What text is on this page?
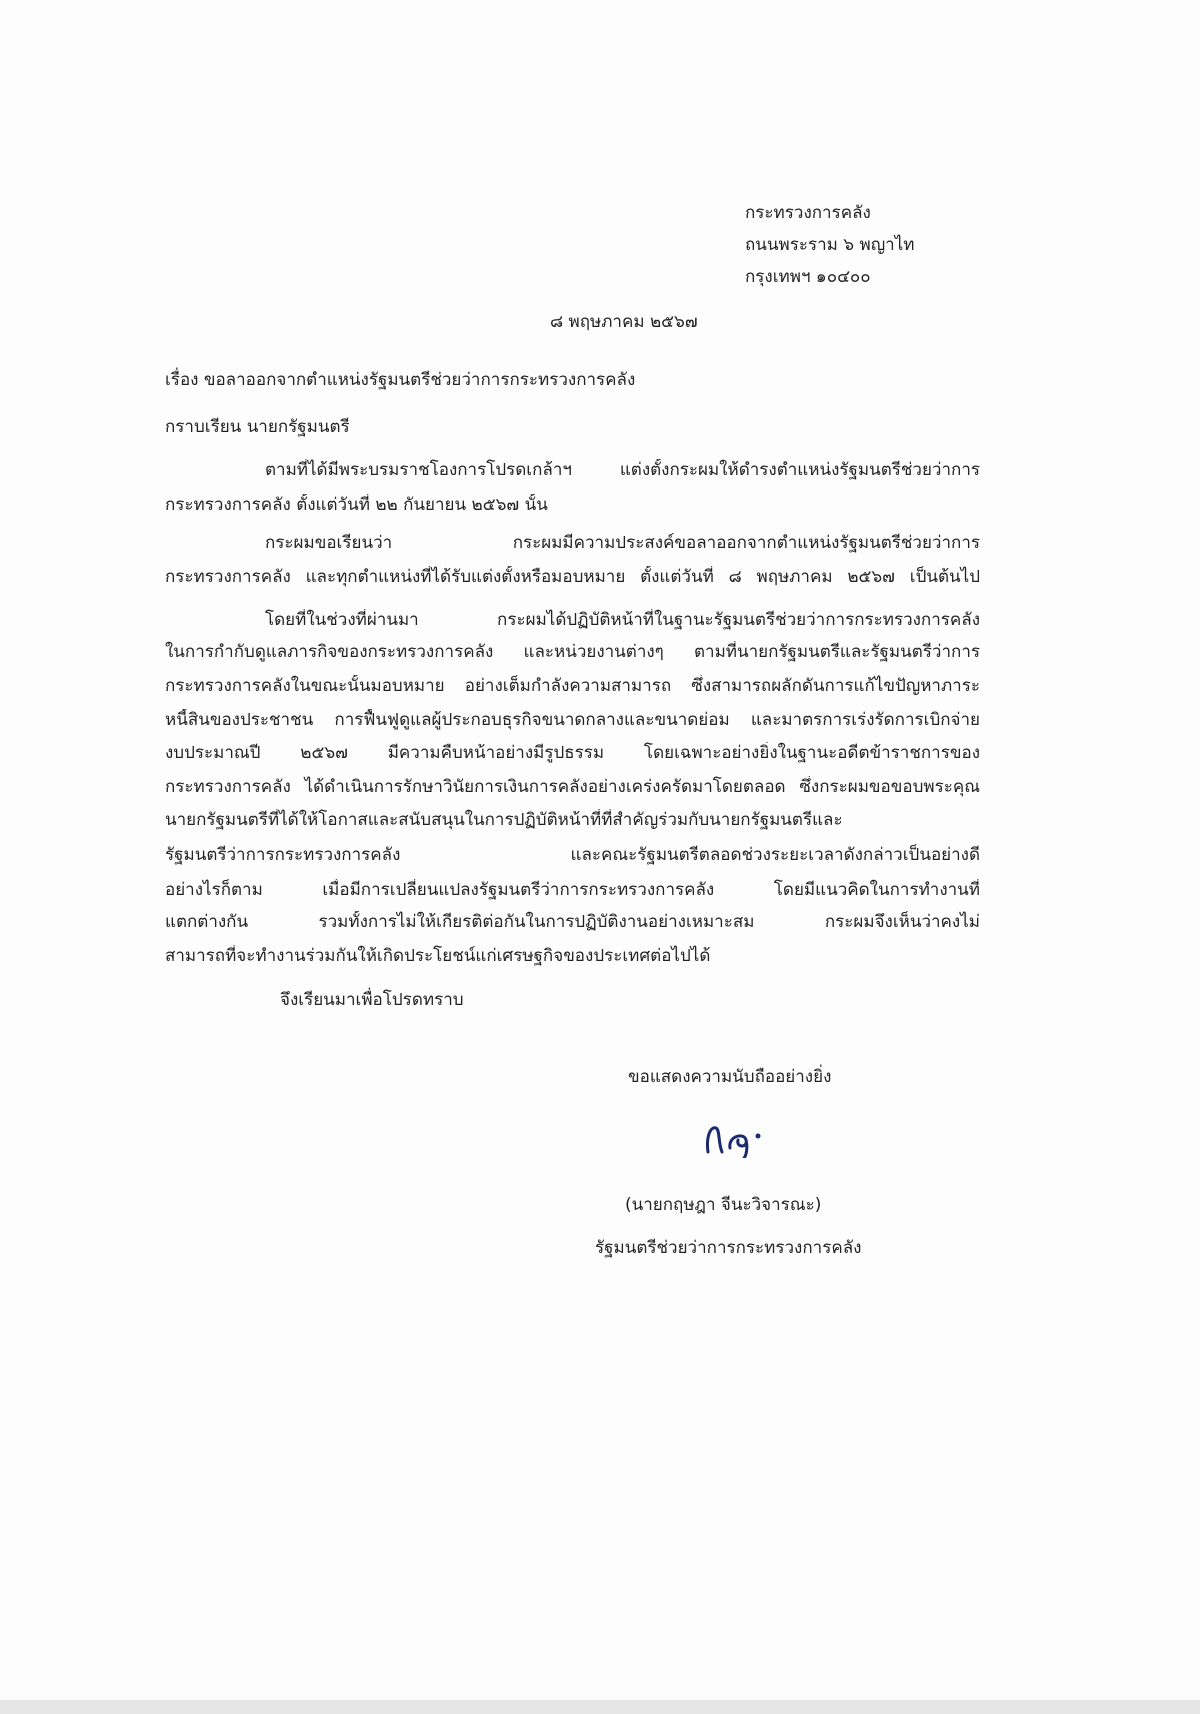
กระทรวงการคลัง
ถนนพระราม ๖ พญาไท
กรุงเทพฯ ๑๐๔๐๐
๘ พฤษภาคม ๒๕๖๗
เรื่อง ขอลาออกจากตำแหน่งรัฐมนตรีช่วยว่าการกระทรวงการคลัง
กราบเรียน นายกรัฐมนตรี
ตามที่ได้มีพระบรมราชโองการโปรดเกล้าฯ แต่งตั้งกระผมให้ดำรงตำแหน่งรัฐมนตรีช่วยว่าการ
กระทรวงการคลัง ตั้งแต่วันที่ ๒๒ กันยายน ๒๕๖๗ นั้น
กระผมขอเรียนว่า กระผมมีความประสงค์ขอลาออกจากตำแหน่งรัฐมนตรีช่วยว่าการ
กระทรวงการคลัง และทุกตำแหน่งที่ได้รับแต่งตั้งหรือมอบหมาย ตั้งแต่วันที่ ๘ พฤษภาคม ๒๕๖๗ เป็นต้นไป
โดยที่ในช่วงที่ผ่านมา กระผมได้ปฏิบัติหน้าที่ในฐานะรัฐมนตรีช่วยว่าการกระทรวงการคลัง
ในการกำกับดูแลภารกิจของกระทรวงการคลัง และหน่วยงานต่างๆ ตามที่นายกรัฐมนตรีและรัฐมนตรีว่าการ
กระทรวงการคลังในขณะนั้นมอบหมาย อย่างเต็มกำลังความสามารถ ซึ่งสามารถผลักดันการแก้ไขปัญหาภาระ
หนี้สินของประชาชน การฟื้นฟูดูแลผู้ประกอบธุรกิจขนาดกลางและขนาดย่อม และมาตรการเร่งรัดการเบิกจ่าย
งบประมาณปี ๒๕๖๗ มีความคืบหน้าอย่างมีรูปธรรม โดยเฉพาะอย่างยิ่งในฐานะอดีตข้าราชการของ
กระทรวงการคลัง ได้ดำเนินการรักษาวินัยการเงินการคลังอย่างเคร่งครัดมาโดยตลอด ซึ่งกระผมขอขอบพระคุณ
นายกรัฐมนตรีที่ได้ให้โอกาสและสนับสนุนในการปฏิบัติหน้าที่ที่สำคัญร่วมกับนายกรัฐมนตรีและ
รัฐมนตรีว่าการกระทรวงการคลัง และคณะรัฐมนตรีตลอดช่วงระยะเวลาดังกล่าวเป็นอย่างดี
อย่างไรก็ตาม เมื่อมีการเปลี่ยนแปลงรัฐมนตรีว่าการกระทรวงการคลัง โดยมีแนวคิดในการทำงานที่
แตกต่างกัน รวมทั้งการไม่ให้เกียรติต่อกันในการปฏิบัติงานอย่างเหมาะสม กระผมจึงเห็นว่าคงไม่
สามารถที่จะทำงานร่วมกันให้เกิดประโยชน์แก่เศรษฐกิจของประเทศต่อไปได้
จึงเรียนมาเพื่อโปรดทราบ
ขอแสดงความนับถืออย่างยิ่ง
(นายกฤษฎา จีนะวิจารณะ)
รัฐมนตรีช่วยว่าการกระทรวงการคลัง
